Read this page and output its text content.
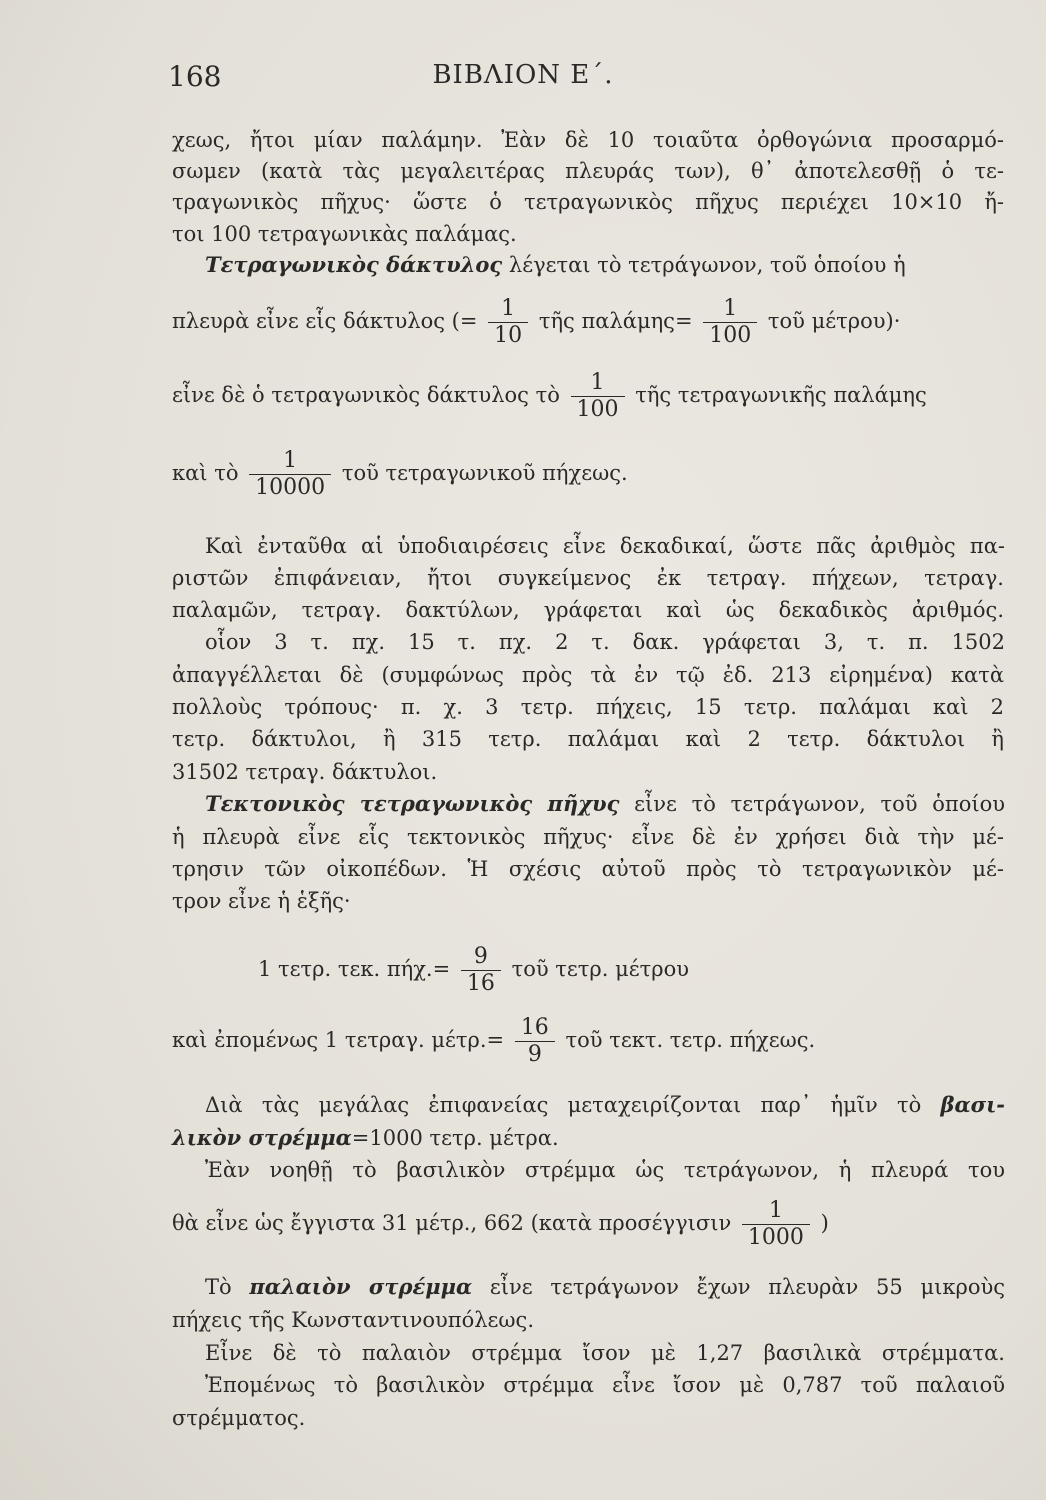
168	ΒΙΒΛΙΟΝ Ε΄.
χεως, ἤτοι μίαν παλάμην. Ἐὰν δὲ 10 τοιαῦτα ὀρθογώνια προσαρμό-
σωμεν (κατὰ τὰς μεγαλειτέρας πλευράς των), θ᾽ ἀποτελεσθῇ ὁ τε-
τραγωνικὸς πῆχυς· ὥστε ὁ τετραγωνικὸς πῆχυς περιέχει 10×10 ἤ-
τοι 100 τετραγωνικὰς παλάμας.
Τετραγωνικὸς δάκτυλος λέγεται τὸ τετράγωνον, τοῦ ὁποίου ἡ
πλευρὰ εἶνε εἷς δάκτυλος (= $\frac{1}{10}$ τῆς $\pi\alpha\lambda ά\mu\eta\varsigma= \frac{1}{100}$ τοῦ μέτρου)·
εἶνε δὲ ὁ τετραγωνικὸς δάκτυλος τὸ $\frac{1}{100}$ τῆς τετραγωνικῆς παλάμης
καὶ τὸ $\frac{1}{10000}$ τοῦ τετραγωνικοῦ πήχεως.
Καὶ ἐνταῦθα αἱ ὑποδιαιρέσεις εἶνε δεκαδικαί, ὥστε πᾶς ἀριθμὸς πα-
ριστῶν ἐπιφάνειαν, ἤτοι συγκείμενος ἐκ τετραγ. πήχεων, τετραγ.
παλαμῶν, τετραγ. δακτύλων, γράφεται καὶ ὡς δεκαδικὸς ἀριθμός.
οἷον 3 τ. πχ. 15 τ. πχ. 2 τ. δακ. γράφεται 3, τ. π. 1502
ἀπαγγέλλεται δὲ (συμφώνως πρὸς τὰ ἐν τῷ ἐδ. 213 εἰρημένα) κατὰ
πολλοὺς τρόπους· π. χ. 3 τετρ. πήχεις, 15 τετρ. παλάμαι καὶ 2
τετρ. δάκτυλοι, ἢ 315 τετρ. παλάμαι καὶ 2 τετρ. δάκτυλοι ἢ
31502 τετραγ. δάκτυλοι.
Τεκτονικὸς τετραγωνικὸς πῆχυς εἶνε τὸ τετράγωνον, τοῦ ὁποίου
ἡ πλευρὰ εἶνε εἷς τεκτονικὸς πῆχυς· εἶνε δὲ ἐν χρήσει διὰ τὴν μέ-
τρησιν τῶν οἰκοπέδων. Ἡ σχέσις αὐτοῦ πρὸς τὸ τετραγωνικὸν μέ-
τρον εἶνε ἡ ἑξῆς·
1 τετρ. τεκ. $\pi ή\chi.= \frac{9}{16}$ τοῦ τετρ. μέτρου
καὶ ἐπομένως 1 τετραγ. $\mu έ\tau\rho.= \frac{16}{9}$ τοῦ τεκτ. τετρ. πήχεως.
Διὰ τὰς μεγάλας ἐπιφανείας μεταχειρίζονται παρ᾽ ἡμῖν τὸ βασι-
λικὸν στρέμμα=1000 τετρ. μέτρα.
Ἐὰν νοηθῇ τὸ βασιλικὸν στρέμμα ὡς τετράγωνον, ἡ πλευρά του
θὰ εἶνε ὡς ἔγγιστα 31 μέτρ., 662 (κατὰ προσέγγισιν $\frac{1}{1000}$ )
Τὸ παλαιὸν στρέμμα εἶνε τετράγωνον ἔχων πλευρὰν 55 μικροὺς
πήχεις τῆς Κωνσταντινουπόλεως.
Εἶνε δὲ τὸ παλαιὸν στρέμμα ἴσον μὲ 1,27 βασιλικὰ στρέμματα.
Ἐπομένως τὸ βασιλικὸν στρέμμα εἶνε ἴσον μὲ 0,787 τοῦ παλαιοῦ
στρέμματος.
